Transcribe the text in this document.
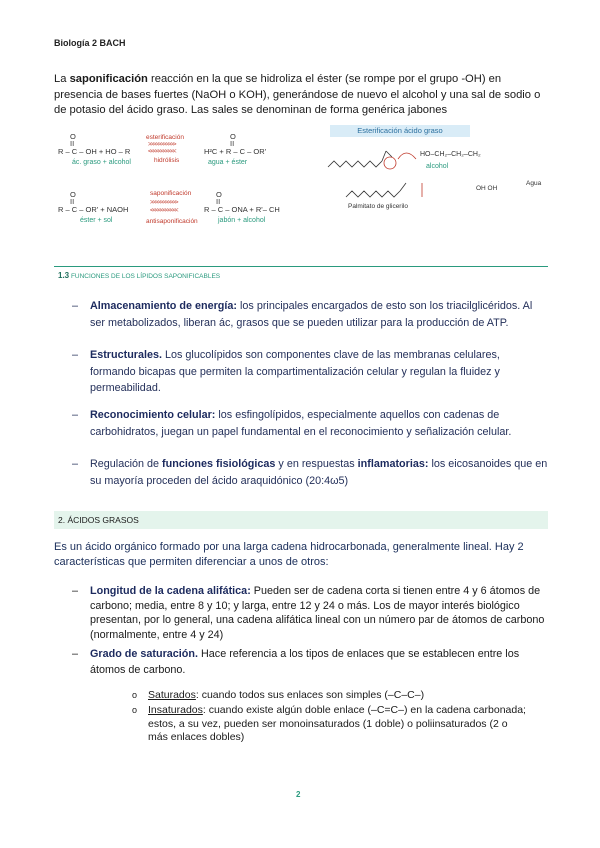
Biología 2 BACH
La saponificación reacción en la que se hidroliza el éster (se rompe por el grupo -OH) en presencia de bases fuertes (NaOH o KOH), generándose de nuevo el alcohol y una sal de sodio o de potasio del ácido graso. Las sales se denominan de forma genérica jabones
O
II
R – C – OH + HO – R
ác. graso + alcohol
esterificación
>>>>>>>>>>>
<<<<<<<<<<<
hidrólisis
O
II
H²C + R – C – OR'
agua + éster
O
II
R – C – OR' + NAOH
éster + sol
saponificación
>>>>>>>>>>>
<<<<<<<<<<<
antisaponificación
O
II
R – C – ONA + R'– CH
jabón + alcohol
Esterificación ácido graso
HO–CH₂–CH₂–CH₂
alcohol
Agua
Palmitato de glicerilo
OH OH
1.3 FUNCIONES DE LOS LÍPIDOS SAPONIFICABLES
– Almacenamiento de energía: los principales encargados de esto son los triacilglicéridos. Al ser metabolizados, liberan ác, grasos que se pueden utilizar para la producción de ATP.
– Estructurales. Los glucolípidos son componentes clave de las membranas celulares, formando bicapas que permiten la compartimentalización celular y regulan la fluidez y permeabilidad.
– Reconocimiento celular: los esfingolípidos, especialmente aquellos con cadenas de carbohidratos, juegan un papel fundamental en el reconocimiento y señalización celular.
– Regulación de funciones fisiológicas y en respuestas inflamatorias: los eicosanoides que en su mayoría proceden del ácido araquidónico (20:4ω5)
2. ÁCIDOS GRASOS
Es un ácido orgánico formado por una larga cadena hidrocarbonada, generalmente lineal. Hay 2 características que permiten diferenciar a unos de otros:
– Longitud de la cadena alifática: Pueden ser de cadena corta si tienen entre 4 y 6 átomos de carbono; media, entre 8 y 10; y larga, entre 12 y 24 o más. Los de mayor interés biológico presentan, por lo general, una cadena alifática lineal con un número par de átomos de carbono (normalmente, entre 4 y 24)
– Grado de saturación. Hace referencia a los tipos de enlaces que se establecen entre los átomos de carbono.
o Saturados: cuando todos sus enlaces son simples (–C–C–)
o Insaturados: cuando existe algún doble enlace (–C=C–) en la cadena carbonada; estos, a su vez, pueden ser monoinsaturados (1 doble) o poliinsaturados (2 o más enlaces dobles)
2
